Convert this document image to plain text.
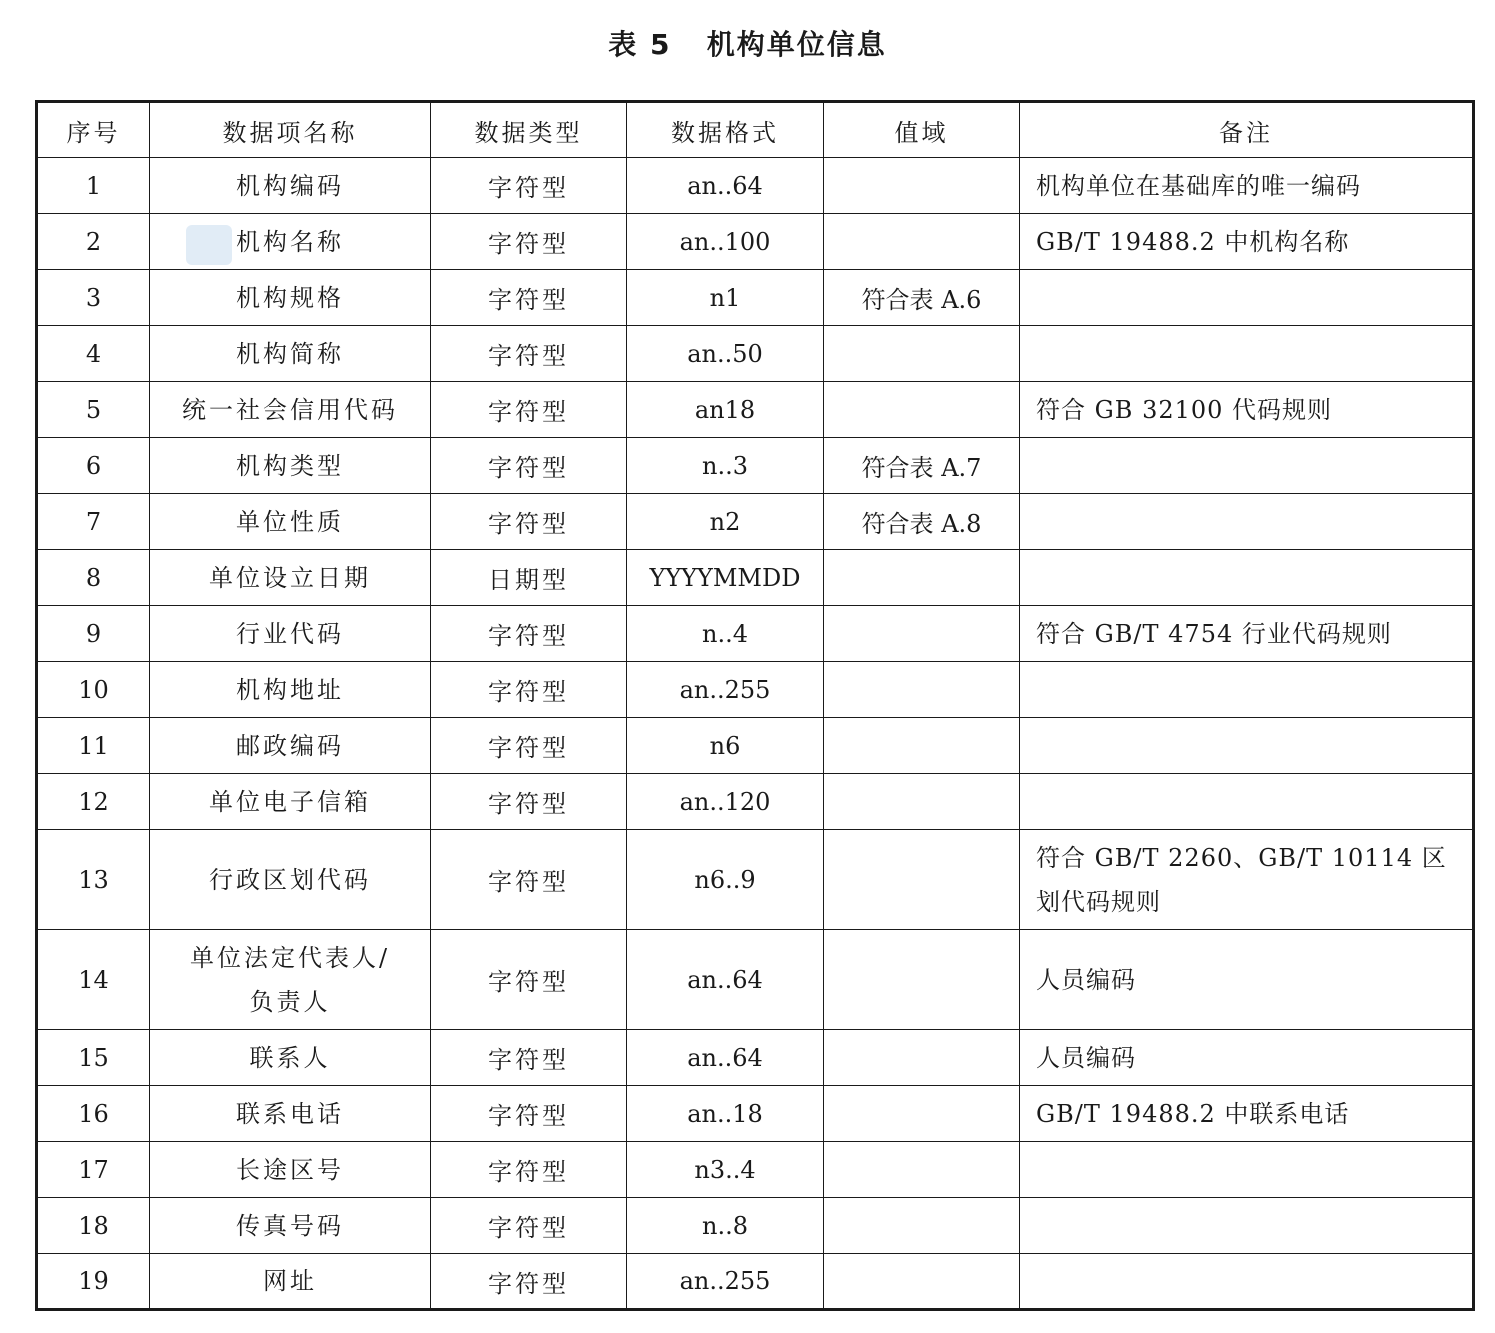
表 5   机构单位信息
序号	数据项名称	数据类型	数据格式	值域	备注
1	机构编码	字符型	an..64		机构单位在基础库的唯一编码
2	机构名称	字符型	an..100		GB/T 19488.2 中机构名称
3	机构规格	字符型	n1	符合表 A.6	
4	机构简称	字符型	an..50		
5	统一社会信用代码	字符型	an18		符合 GB 32100 代码规则
6	机构类型	字符型	n..3	符合表 A.7	
7	单位性质	字符型	n2	符合表 A.8	
8	单位设立日期	日期型	YYYYMMDD		
9	行业代码	字符型	n..4		符合 GB/T 4754 行业代码规则
10	机构地址	字符型	an..255		
11	邮政编码	字符型	n6		
12	单位电子信箱	字符型	an..120		
13	行政区划代码	字符型	n6..9		符合 GB/T 2260、GB/T 10114 区划代码规则
14	单位法定代表人/负责人	字符型	an..64		人员编码
15	联系人	字符型	an..64		人员编码
16	联系电话	字符型	an..18		GB/T 19488.2 中联系电话
17	长途区号	字符型	n3..4		
18	传真号码	字符型	n..8		
19	网址	字符型	an..255		
